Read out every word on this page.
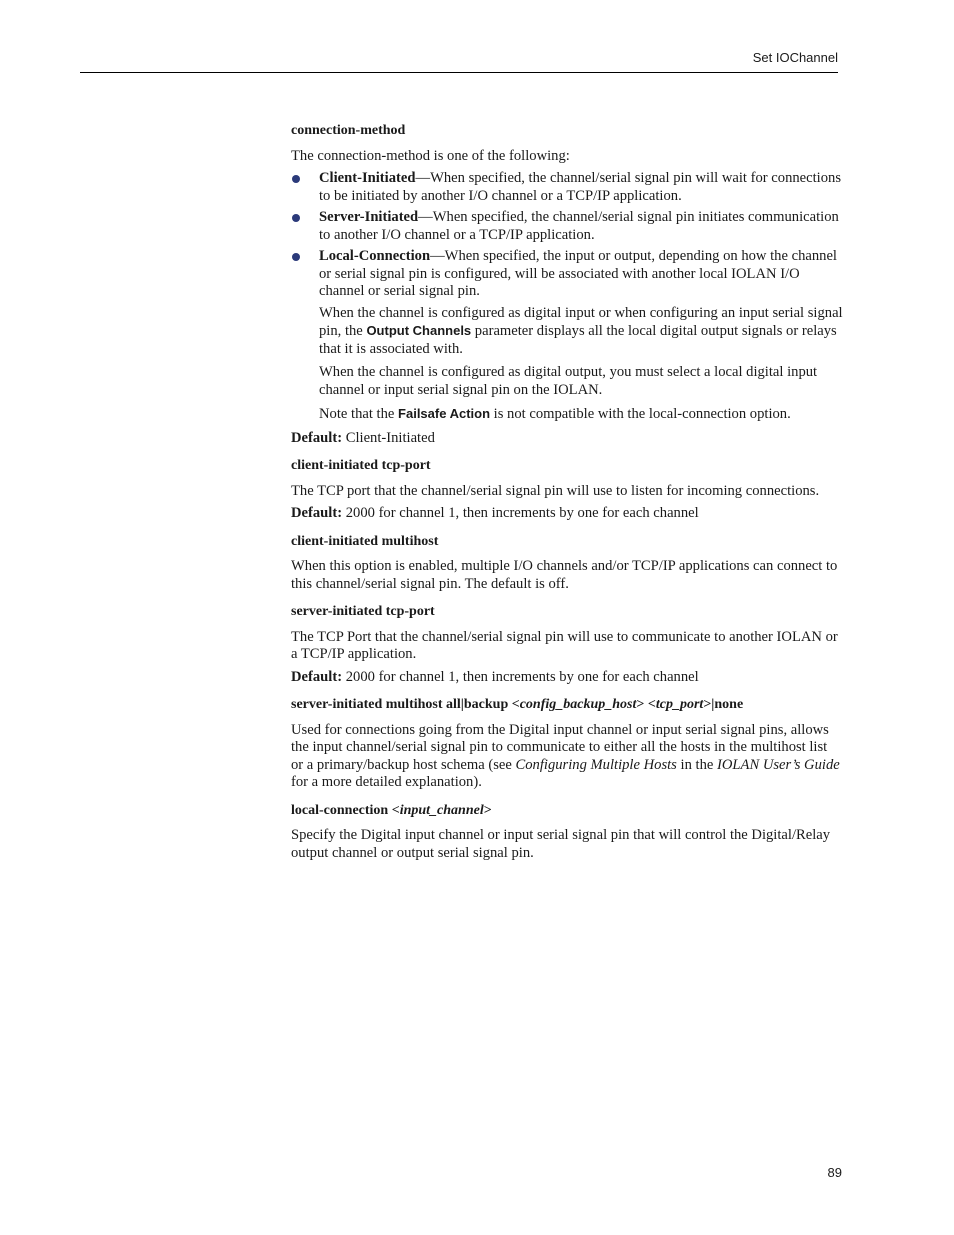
Set IOChannel
connection-method
The connection-method is one of the following:
Client-Initiated—When specified, the channel/serial signal pin will wait for connections to be initiated by another I/O channel or a TCP/IP application.
Server-Initiated—When specified, the channel/serial signal pin initiates communication to another I/O channel or a TCP/IP application.
Local-Connection—When specified, the input or output, depending on how the channel or serial signal pin is configured, will be associated with another local IOLAN I/O channel or serial signal pin.
When the channel is configured as digital input or when configuring an input serial signal pin, the Output Channels parameter displays all the local digital output signals or relays that it is associated with.
When the channel is configured as digital output, you must select a local digital input channel or input serial signal pin on the IOLAN.
Note that the Failsafe Action is not compatible with the local-connection option.
Default: Client-Initiated
client-initiated tcp-port
The TCP port that the channel/serial signal pin will use to listen for incoming connections.
Default: 2000 for channel 1, then increments by one for each channel
client-initiated multihost
When this option is enabled, multiple I/O channels and/or TCP/IP applications can connect to this channel/serial signal pin. The default is off.
server-initiated tcp-port
The TCP Port that the channel/serial signal pin will use to communicate to another IOLAN or a TCP/IP application.
Default: 2000 for channel 1, then increments by one for each channel
server-initiated multihost all|backup <config_backup_host> <tcp_port>|none
Used for connections going from the Digital input channel or input serial signal pins, allows the input channel/serial signal pin to communicate to either all the hosts in the multihost list or a primary/backup host schema (see Configuring Multiple Hosts in the IOLAN User’s Guide for a more detailed explanation).
local-connection <input_channel>
Specify the Digital input channel or input serial signal pin that will control the Digital/Relay output channel or output serial signal pin.
89
